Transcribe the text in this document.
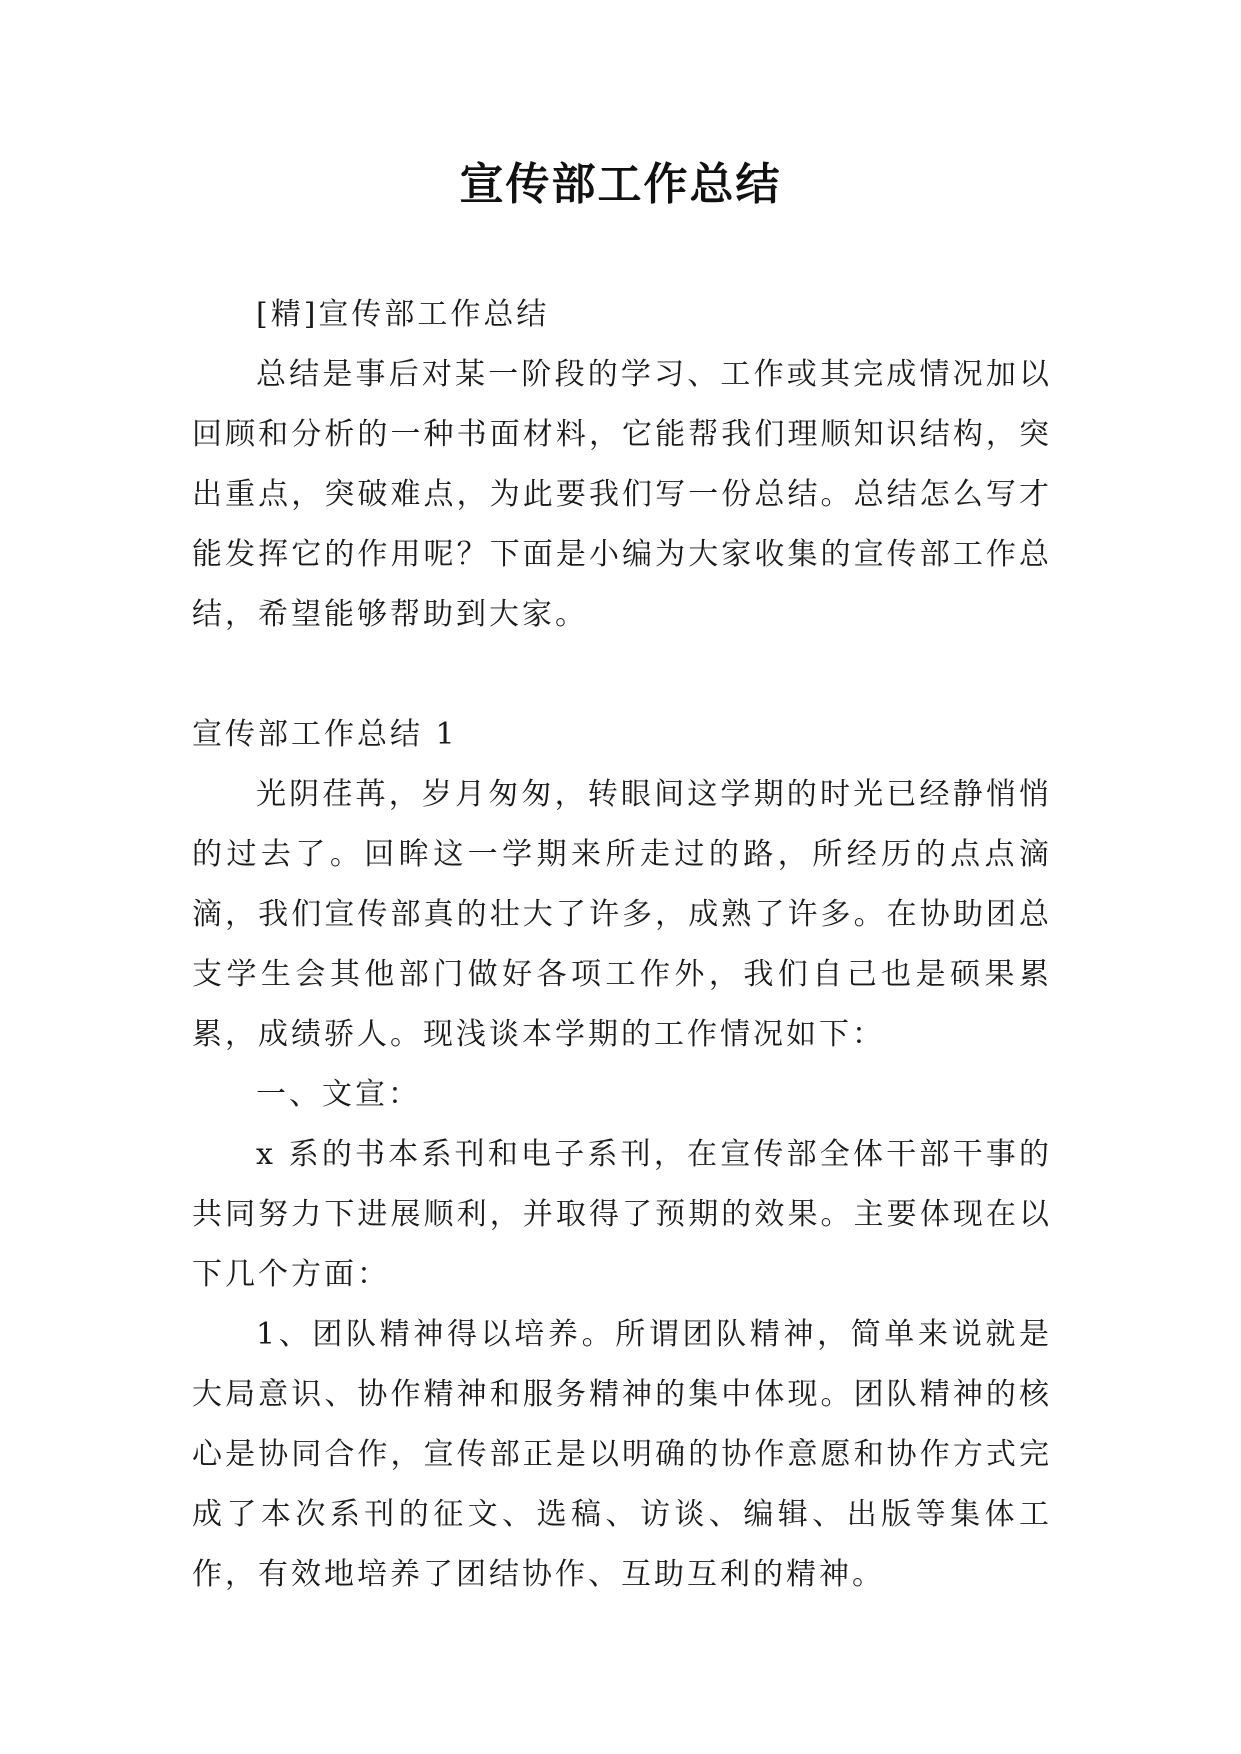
宣传部工作总结

[精]宣传部工作总结

总结是事后对某一阶段的学习、工作或其完成情况加以回顾和分析的一种书面材料，它能帮我们理顺知识结构，突出重点，突破难点，为此要我们写一份总结。总结怎么写才能发挥它的作用呢？下面是小编为大家收集的宣传部工作总结，希望能够帮助到大家。

宣传部工作总结 1

光阴荏苒，岁月匆匆，转眼间这学期的时光已经静悄悄的过去了。回眸这一学期来所走过的路，所经历的点点滴滴，我们宣传部真的壮大了许多，成熟了许多。在协助团总支学生会其他部门做好各项工作外，我们自己也是硕果累累，成绩骄人。现浅谈本学期的工作情况如下：

一、文宣：

x 系的书本系刊和电子系刊，在宣传部全体干部干事的共同努力下进展顺利，并取得了预期的效果。主要体现在以下几个方面：

1、团队精神得以培养。所谓团队精神，简单来说就是大局意识、协作精神和服务精神的集中体现。团队精神的核心是协同合作，宣传部正是以明确的协作意愿和协作方式完成了本次系刊的征文、选稿、访谈、编辑、出版等集体工作，有效地培养了团结协作、互助互利的精神。
